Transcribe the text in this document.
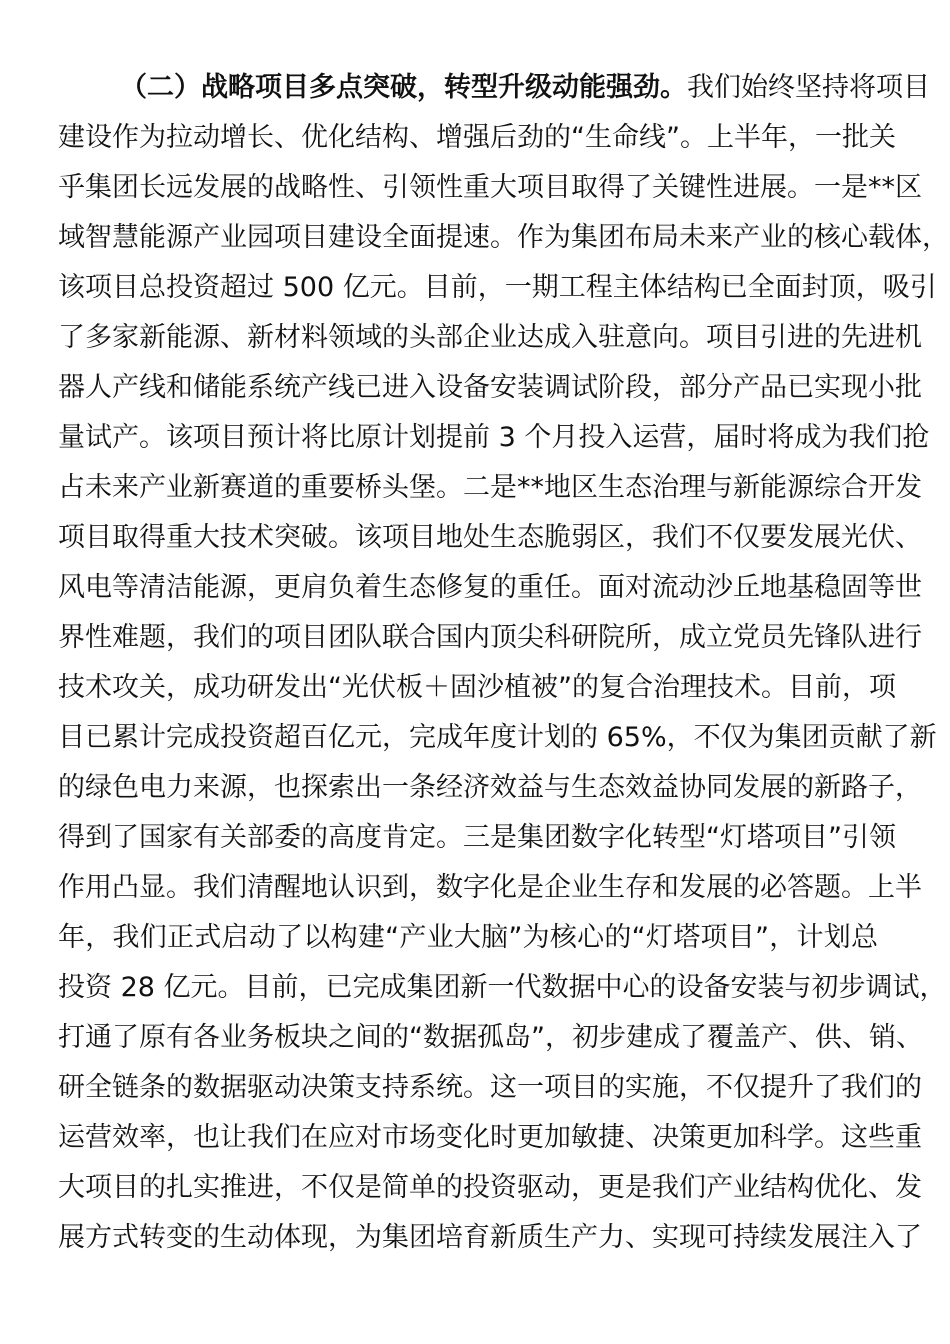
（二）战略项目多点突破，转型升级动能强劲。我们始终坚持将项目
建设作为拉动增长、优化结构、增强后劲的“生命线”。上半年，一批关
乎集团长远发展的战略性、引领性重大项目取得了关键性进展。一是**区
域智慧能源产业园项目建设全面提速。作为集团布局未来产业的核心载体，
该项目总投资超过 500 亿元。目前，一期工程主体结构已全面封顶，吸引
了多家新能源、新材料领域的头部企业达成入驻意向。项目引进的先进机
器人产线和储能系统产线已进入设备安装调试阶段，部分产品已实现小批
量试产。该项目预计将比原计划提前 3 个月投入运营，届时将成为我们抢
占未来产业新赛道的重要桥头堡。二是**地区生态治理与新能源综合开发
项目取得重大技术突破。该项目地处生态脆弱区，我们不仅要发展光伏、
风电等清洁能源，更肩负着生态修复的重任。面对流动沙丘地基稳固等世
界性难题，我们的项目团队联合国内顶尖科研院所，成立党员先锋队进行
技术攻关，成功研发出“光伏板＋固沙植被”的复合治理技术。目前，项
目已累计完成投资超百亿元，完成年度计划的 65%，不仅为集团贡献了新
的绿色电力来源，也探索出一条经济效益与生态效益协同发展的新路子，
得到了国家有关部委的高度肯定。三是集团数字化转型“灯塔项目”引领
作用凸显。我们清醒地认识到，数字化是企业生存和发展的必答题。上半
年，我们正式启动了以构建“产业大脑”为核心的“灯塔项目”，计划总
投资 28 亿元。目前，已完成集团新一代数据中心的设备安装与初步调试，
打通了原有各业务板块之间的“数据孤岛”，初步建成了覆盖产、供、销、
研全链条的数据驱动决策支持系统。这一项目的实施，不仅提升了我们的
运营效率，也让我们在应对市场变化时更加敏捷、决策更加科学。这些重
大项目的扎实推进，不仅是简单的投资驱动，更是我们产业结构优化、发
展方式转变的生动体现，为集团培育新质生产力、实现可持续发展注入了
